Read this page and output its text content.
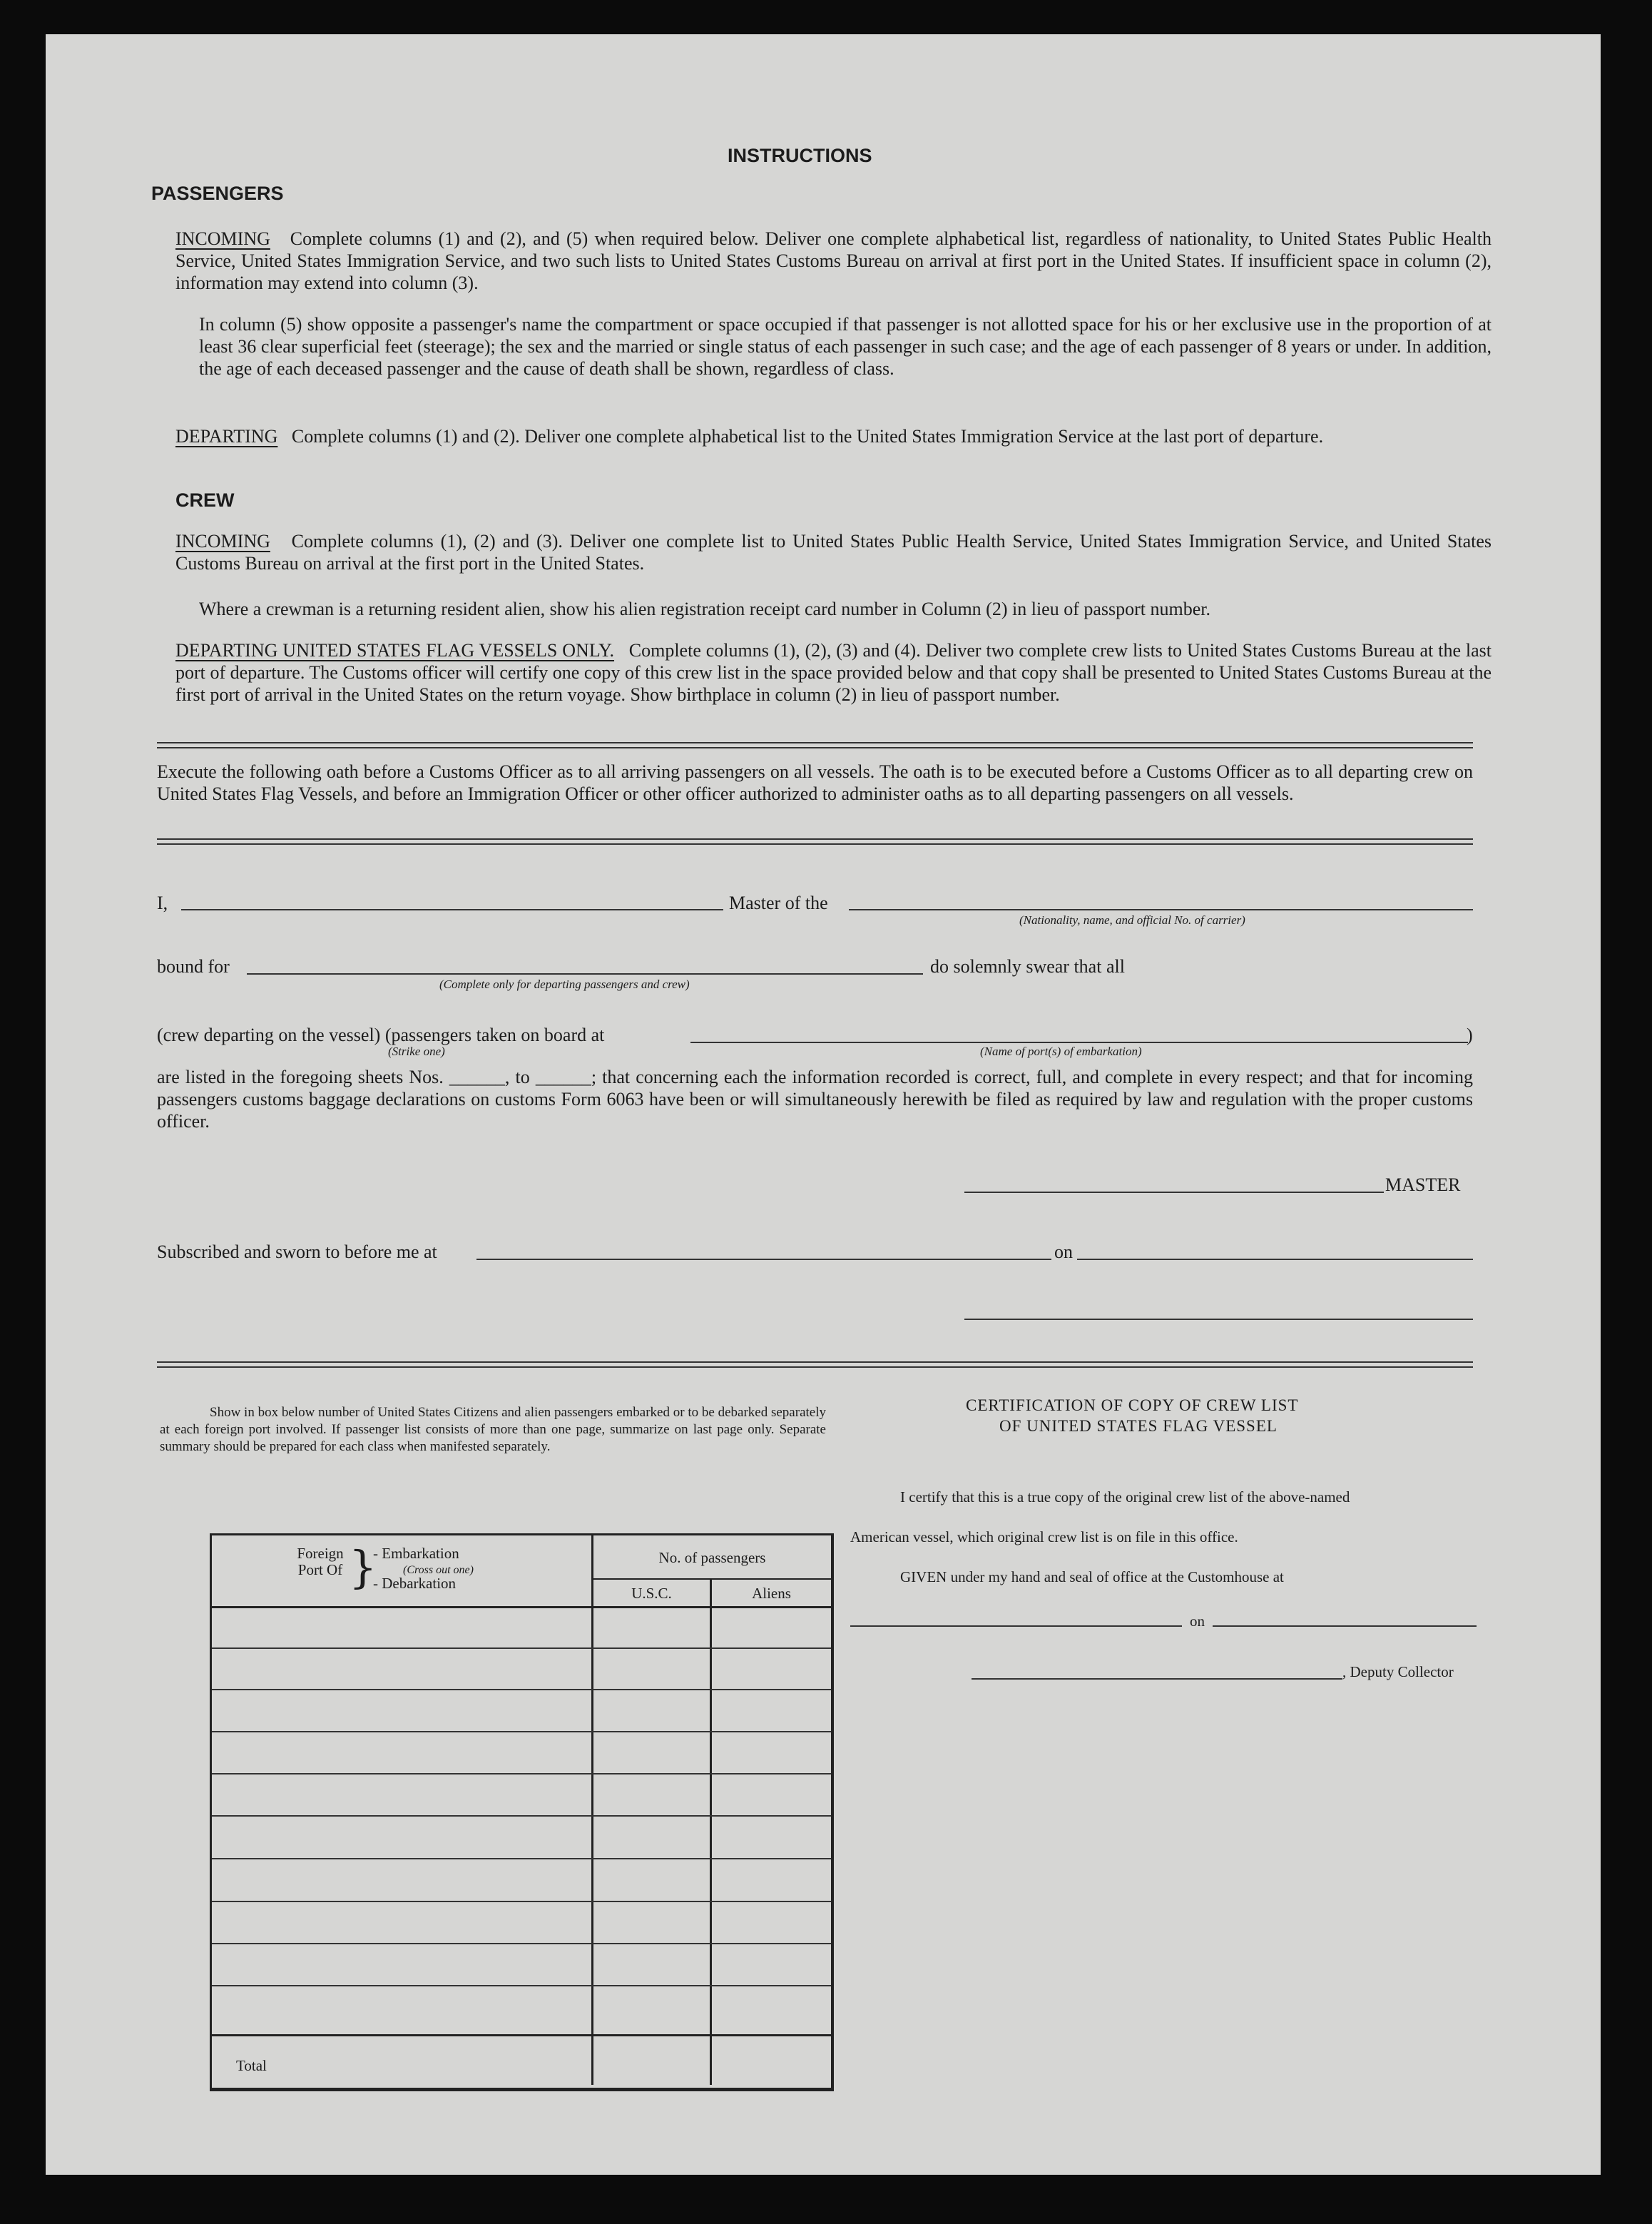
INSTRUCTIONS
PASSENGERS

INCOMING Complete columns (1) and (2), and (5) when required below. Deliver one complete alphabetical list, regardless of nationality, to United States Public Health Service, United States Immigration Service, and two such lists to United States Customs Bureau on arrival at first port in the United States. If insufficient space in column (2), information may extend into column (3).

In column (5) show opposite a passenger's name the compartment or space occupied if that passenger is not allotted space for his or her exclusive use in the proportion of at least 36 clear superficial feet (steerage); the sex and the married or single status of each passenger in such case; and the age of each passenger of 8 years or under. In addition, the age of each deceased passenger and the cause of death shall be shown, regardless of class.

DEPARTING Complete columns (1) and (2). Deliver one complete alphabetical list to the United States Immigration Service at the last port of departure.

CREW

INCOMING Complete columns (1), (2) and (3). Deliver one complete list to United States Public Health Service, United States Immigration Service, and United States Customs Bureau on arrival at the first port in the United States.

Where a crewman is a returning resident alien, show his alien registration receipt card number in Column (2) in lieu of passport number.

DEPARTING UNITED STATES FLAG VESSELS ONLY. Complete columns (1), (2), (3) and (4). Deliver two complete crew lists to United States Customs Bureau at the last port of departure. The Customs officer will certify one copy of this crew list in the space provided below and that copy shall be presented to United States Customs Bureau at the first port of arrival in the United States on the return voyage. Show birthplace in column (2) in lieu of passport number.

Execute the following oath before a Customs Officer as to all arriving passengers on all vessels. The oath is to be executed before a Customs Officer as to all departing crew on United States Flag Vessels, and before an Immigration Officer or other officer authorized to administer oaths as to all departing passengers on all vessels.

I,	Master of the
(Nationality, name, and official No. of carrier)
bound for	do solemnly swear that all
(Complete only for departing passengers and crew)
(crew departing on the vessel) (passengers taken on board at	)
(Strike one)	(Name of port(s) of embarkation)

are listed in the foregoing sheets Nos. ______, to ______; that concerning each the information recorded is correct, full, and complete in every respect; and that for incoming passengers customs baggage declarations on customs Form 6063 have been or will simultaneously herewith be filed as required by law and regulation with the proper customs officer.

MASTER
Subscribed and sworn to before me at	on

Show in box below number of United States Citizens and alien passengers embarked or to be debarked separately at each foreign port involved. If passenger list consists of more than one page, summarize on last page only. Separate summary should be prepared for each class when manifested separately.

Foreign Port Of }
- Embarkation
(Cross out one)
- Debarkation
No. of passengers
U.S.C.	Aliens
Total
CERTIFICATION OF COPY OF CREW LIST
OF UNITED STATES FLAG VESSEL
I certify that this is a true copy of the original crew list of the above-named
American vessel, which original crew list is on file in this office.
GIVEN under my hand and seal of office at the Customhouse at
on
, Deputy Collector
